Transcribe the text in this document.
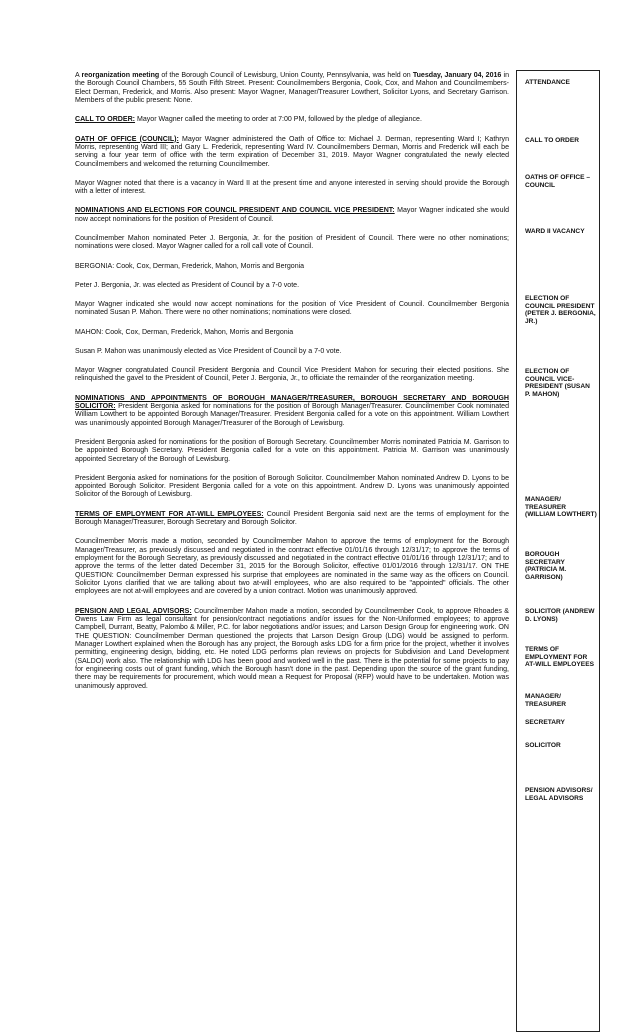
A reorganization meeting of the Borough Council of Lewisburg, Union County, Pennsylvania, was held on Tuesday, January 04, 2016 in the Borough Council Chambers, 55 South Fifth Street. Present: Councilmembers Bergonia, Cook, Cox, and Mahon and Councilmembers-Elect Derman, Frederick, and Morris. Also present: Mayor Wagner, Manager/Treasurer Lowthert, Solicitor Lyons, and Secretary Garrison. Members of the public present: None.

CALL TO ORDER: Mayor Wagner called the meeting to order at 7:00 PM, followed by the pledge of allegiance.

OATH OF OFFICE (COUNCIL): Mayor Wagner administered the Oath of Office to: Michael J. Derman, representing Ward I; Kathryn Morris, representing Ward III; and Gary L. Frederick, representing Ward IV. Councilmembers Derman, Morris and Frederick will each be serving a four year term of office with the term expiration of December 31, 2019. Mayor Wagner congratulated the newly elected Councilmembers and welcomed the returning Councilmember.

Mayor Wagner noted that there is a vacancy in Ward II at the present time and anyone interested in serving should provide the Borough with a letter of interest.

NOMINATIONS AND ELECTIONS FOR COUNCIL PRESIDENT AND COUNCIL VICE PRESIDENT: Mayor Wagner indicated she would now accept nominations for the position of President of Council.

Councilmember Mahon nominated Peter J. Bergonia, Jr. for the position of President of Council. There were no other nominations; nominations were closed. Mayor Wagner called for a roll call vote of Council.

BERGONIA: Cook, Cox, Derman, Frederick, Mahon, Morris and Bergonia

Peter J. Bergonia, Jr. was elected as President of Council by a 7-0 vote.

Mayor Wagner indicated she would now accept nominations for the position of Vice President of Council. Councilmember Bergonia nominated Susan P. Mahon. There were no other nominations; nominations were closed.

MAHON: Cook, Cox, Derman, Frederick, Mahon, Morris and Bergonia

Susan P. Mahon was unanimously elected as Vice President of Council by a 7-0 vote.

Mayor Wagner congratulated Council President Bergonia and Council Vice President Mahon for securing their elected positions. She relinquished the gavel to the President of Council, Peter J. Bergonia, Jr., to officiate the remainder of the reorganization meeting.

NOMINATIONS AND APPOINTMENTS OF BOROUGH MANAGER/TREASURER, BOROUGH SECRETARY AND BOROUGH SOLICITOR: President Bergonia asked for nominations for the position of Borough Manager/Treasurer. Councilmember Cook nominated William Lowthert to be appointed Borough Manager/Treasurer. President Bergonia called for a vote on this appointment. William Lowthert was unanimously appointed Borough Manager/Treasurer of the Borough of Lewisburg.

President Bergonia asked for nominations for the position of Borough Secretary. Councilmember Morris nominated Patricia M. Garrison to be appointed Borough Secretary. President Bergonia called for a vote on this appointment. Patricia M. Garrison was unanimously appointed Secretary of the Borough of Lewisburg.

President Bergonia asked for nominations for the position of Borough Solicitor. Councilmember Mahon nominated Andrew D. Lyons to be appointed Borough Solicitor. President Bergonia called for a vote on this appointment. Andrew D. Lyons was unanimously appointed Solicitor of the Borough of Lewisburg.

TERMS OF EMPLOYMENT FOR AT-WILL EMPLOYEES: Council President Bergonia said next are the terms of employment for the Borough Manager/Treasurer, Borough Secretary and Borough Solicitor.

Councilmember Morris made a motion, seconded by Councilmember Mahon to approve the terms of employment for the Borough Manager/Treasurer, as previously discussed and negotiated in the contract effective 01/01/16 through 12/31/17; to approve the terms of employment for the Borough Secretary, as previously discussed and negotiated in the contract effective 01/01/16 through 12/31/17; and to approve the terms of the letter dated December 31, 2015 for the Borough Solicitor, effective 01/01/2016 through 12/31/17. ON THE QUESTION: Councilmember Derman expressed his surprise that employees are nominated in the same way as the officers on Council. Solicitor Lyons clarified that we are talking about two at-will employees, who are also required to be "appointed" officials. The other employees are not at-will employees and are covered by a union contract. Motion was unanimously approved.

PENSION AND LEGAL ADVISORS: Councilmember Mahon made a motion, seconded by Councilmember Cook, to approve Rhoades & Owens Law Firm as legal consultant for pension/contract negotiations and/or issues for the Non-Uniformed employees; to approve Campbell, Durrant, Beatty, Palombo & Miller, P.C. for labor negotiations and/or issues; and Larson Design Group for engineering work. ON THE QUESTION: Councilmember Derman questioned the projects that Larson Design Group (LDG) would be assigned to perform. Manager Lowthert explained when the Borough has any project, the Borough asks LDG for a firm price for the project, whether it involves permitting, engineering design, bidding, etc. He noted LDG performs plan reviews on projects for Subdivision and Land Development (SALDO) work also. The relationship with LDG has been good and worked well in the past. There is the potential for some projects to pay for engineering costs out of grant funding, which the Borough hasn't done in the past. Depending upon the source of the grant funding, there may be requirements for procurement, which would mean a Request for Proposal (RFP) would have to be undertaken. Motion was unanimously approved.

ATTENDANCE
CALL TO ORDER
OATHS OF OFFICE – COUNCIL
WARD II VACANCY
ELECTION OF COUNCIL PRESIDENT (PETER J. BERGONIA, JR.)
ELECTION OF COUNCIL VICE-PRESIDENT (SUSAN P. MAHON)
MANAGER/ TREASURER (WILLIAM LOWTHERT)
BOROUGH SECRETARY (PATRICIA M. GARRISON)
SOLICITOR (ANDREW D. LYONS)
TERMS OF EMPLOYMENT FOR AT-WILL EMPLOYEES
MANAGER/ TREASURER
SECRETARY
SOLICITOR
PENSION ADVISORS/ LEGAL ADVISORS
